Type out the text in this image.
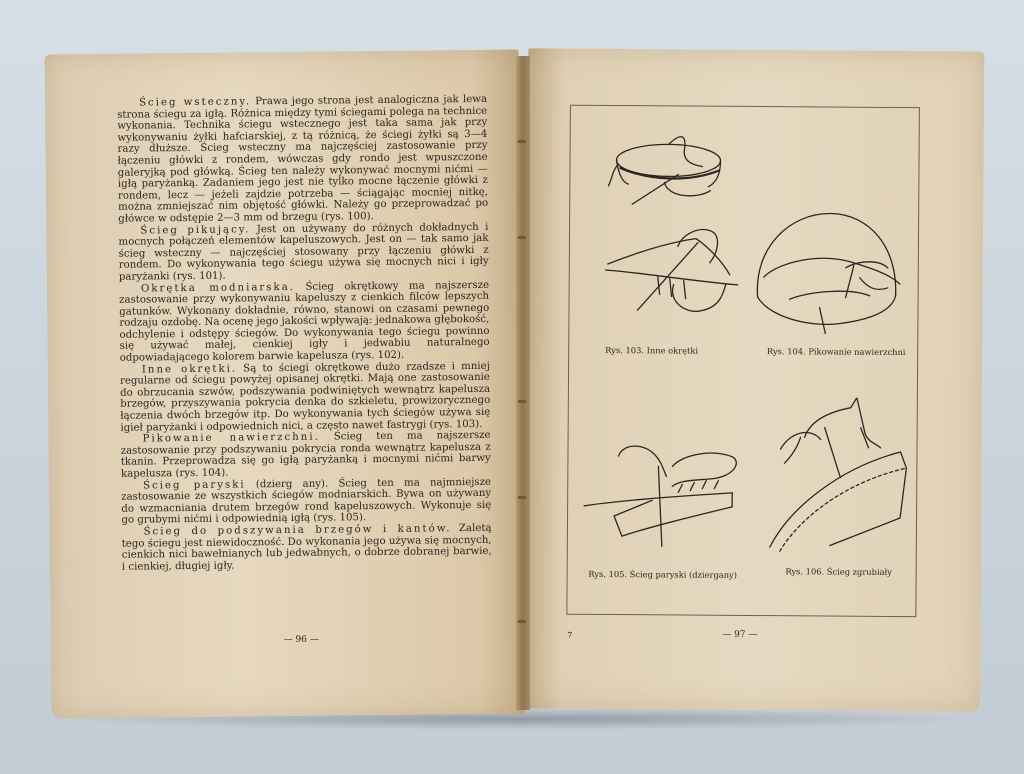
Ścieg wsteczny. Prawa jego strona jest analogiczna jak lewa strona ściegu za igłą. Różnica między tymi ściegami polega na technice wykonania. Technika ściegu wstecznego jest taka sama jak przy wykonywaniu żyłki hafciarskiej, z tą różnicą, że ściegi żyłki są 3—4 razy dłuższe. Ścieg wsteczny ma najczęściej zastosowanie przy łączeniu główki z rondem, wówczas gdy rondo jest wpuszczone galeryjką pod główką. Ścieg ten należy wykonywać mocnymi nićmi — igłą paryżanką. Zadaniem jego jest nie tylko mocne łączenie główki z rondem, lecz — jeżeli zajdzie potrzeba — ściągając mocniej nitkę, można zmniejszać nim objętość główki. Należy go przeprowadzać po główce w odstępie 2—3 mm od brzegu (rys. 100).

Ścieg pikujący. Jest on używany do różnych dokładnych i mocnych połączeń elementów kapeluszowych. Jest on — tak samo jak ścieg wsteczny — najczęściej stosowany przy łączeniu główki z rondem. Do wykonywania tego ściegu używa się mocnych nici i igły paryżanki (rys. 101).

Okrętka modniarska. Ścieg okrętkowy ma najszersze zastosowanie przy wykonywaniu kapeluszy z cienkich filców lepszych gatunków. Wykonany dokładnie, równo, stanowi on czasami pewnego rodzaju ozdobę. Na ocenę jego jakości wpływają: jednakowa głębokość, odchylenie i odstępy ściegów. Do wykonywania tego ściegu powinno się używać małej, cienkiej igły i jedwabiu naturalnego odpowiadającego kolorem barwie kapelusza (rys. 102).

Inne okrętki. Są to ściegi okrętkowe dużo rzadsze i mniej regularne od ściegu powyżej opisanej okrętki. Mają one zastosowanie do obrzucania szwów, podszywania podwiniętych wewnątrz kapelusza brzegów, przyszywania pokrycia denka do szkieletu, prowizorycznego łączenia dwóch brzegów itp. Do wykonywania tych ściegów używa się igieł paryżanki i odpowiednich nici, a często nawet fastrygi (rys. 103).

Pikowanie nawierzchni. Ścieg ten ma najszersze zastosowanie przy podszywaniu pokrycia ronda wewnątrz kapelusza z tkanin. Przeprowadza się go igłą paryżanką i mocnymi nićmi barwy kapelusza (rys. 104).

Ścieg paryski (dzierg any). Ścieg ten ma najmniejsze zastosowanie ze wszystkich ściegów modniarskich. Bywa on używany do wzmacniania drutem brzegów rond kapeluszowych. Wykonuje się go grubymi nićmi i odpowiednią igłą (rys. 105).

Ścieg do podszywania brzegów i kantów. Zaletą tego ściegu jest niewidoczność. Do wykonania jego używa się mocnych, cienkich nici bawełnianych lub jedwabnych, o dobrze dobranej barwie, i cienkiej, długiej igły.

— 96 —
Rys. 103. Inne okrętki	Rys. 104. Pikowanie nawierzchni
Rys. 105. Ścieg paryski (dziergany)	Rys. 106. Ścieg zgrubiały
7	— 97 —
